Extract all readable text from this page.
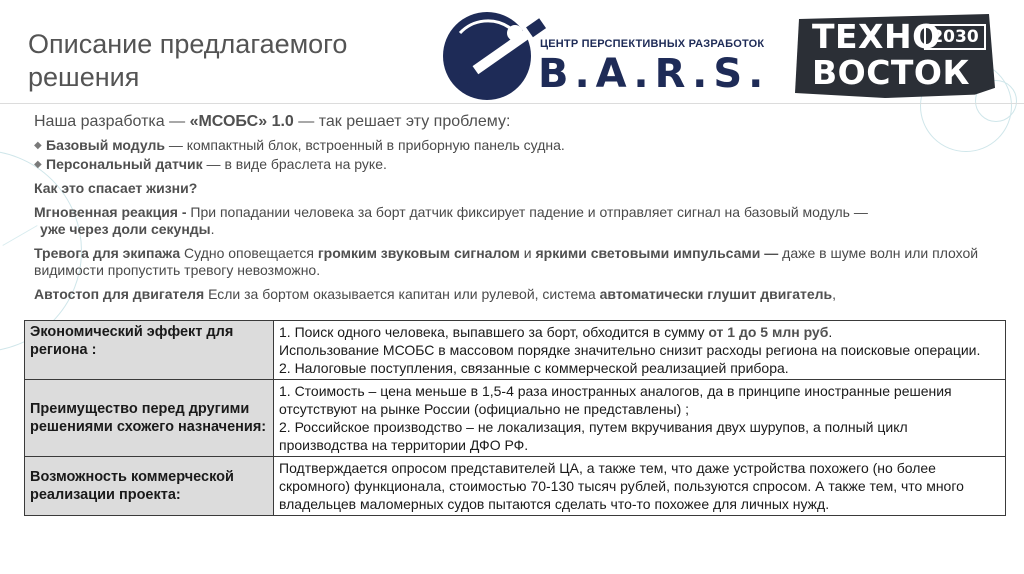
Описание предлагаемого решения
ЦЕНТР ПЕРСПЕКТИВНЫХ РАЗРАБОТОК
B.A.R.S.
ТЕХНО
ВОСТОК
2030
Наша разработка — «МСОБС» 1.0 — так решает эту проблему:
◆ Базовый модуль — компактный блок, встроенный в приборную панель судна.
◆ Персональный датчик — в виде браслета на руке.
Как это спасает жизни?
Мгновенная реакция - При попадании человека за борт датчик фиксирует падение и отправляет сигнал на базовый модуль —
уже через доли секунды.
Тревога для экипажа Судно оповещается громким звуковым сигналом и яркими световыми импульсами — даже в шуме волн или плохой видимости пропустить тревогу невозможно.
Автостоп для двигателя Если за бортом оказывается капитан или рулевой, система автоматически глушит двигатель,
Экономический эффект для региона :	1. Поиск одного человека, выпавшего за борт, обходится в сумму от 1 до 5 млн руб.
Использование МСОБС в массовом порядке значительно снизит расходы региона на поисковые операции.
2. Налоговые поступления, связанные с коммерческой реализацией прибора.

Преимущество перед другими решениями схожего назначения:	1. Стоимость – цена меньше в 1,5-4 раза иностранных аналогов, да в принципе иностранные решения отсутствуют на рынке России (официально не представлены) ;
2. Российское производство – не локализация, путем вкручивания двух шурупов, а полный цикл производства на территории ДФО РФ.

Возможность коммерческой реализации проекта:	Подтверждается опросом представителей ЦА, а также тем, что даже устройства похожего (но более скромного) функционала, стоимостью 70-130 тысяч рублей, пользуются спросом. А также тем, что много владельцев маломерных судов пытаются сделать что-то похожее для личных нужд.
